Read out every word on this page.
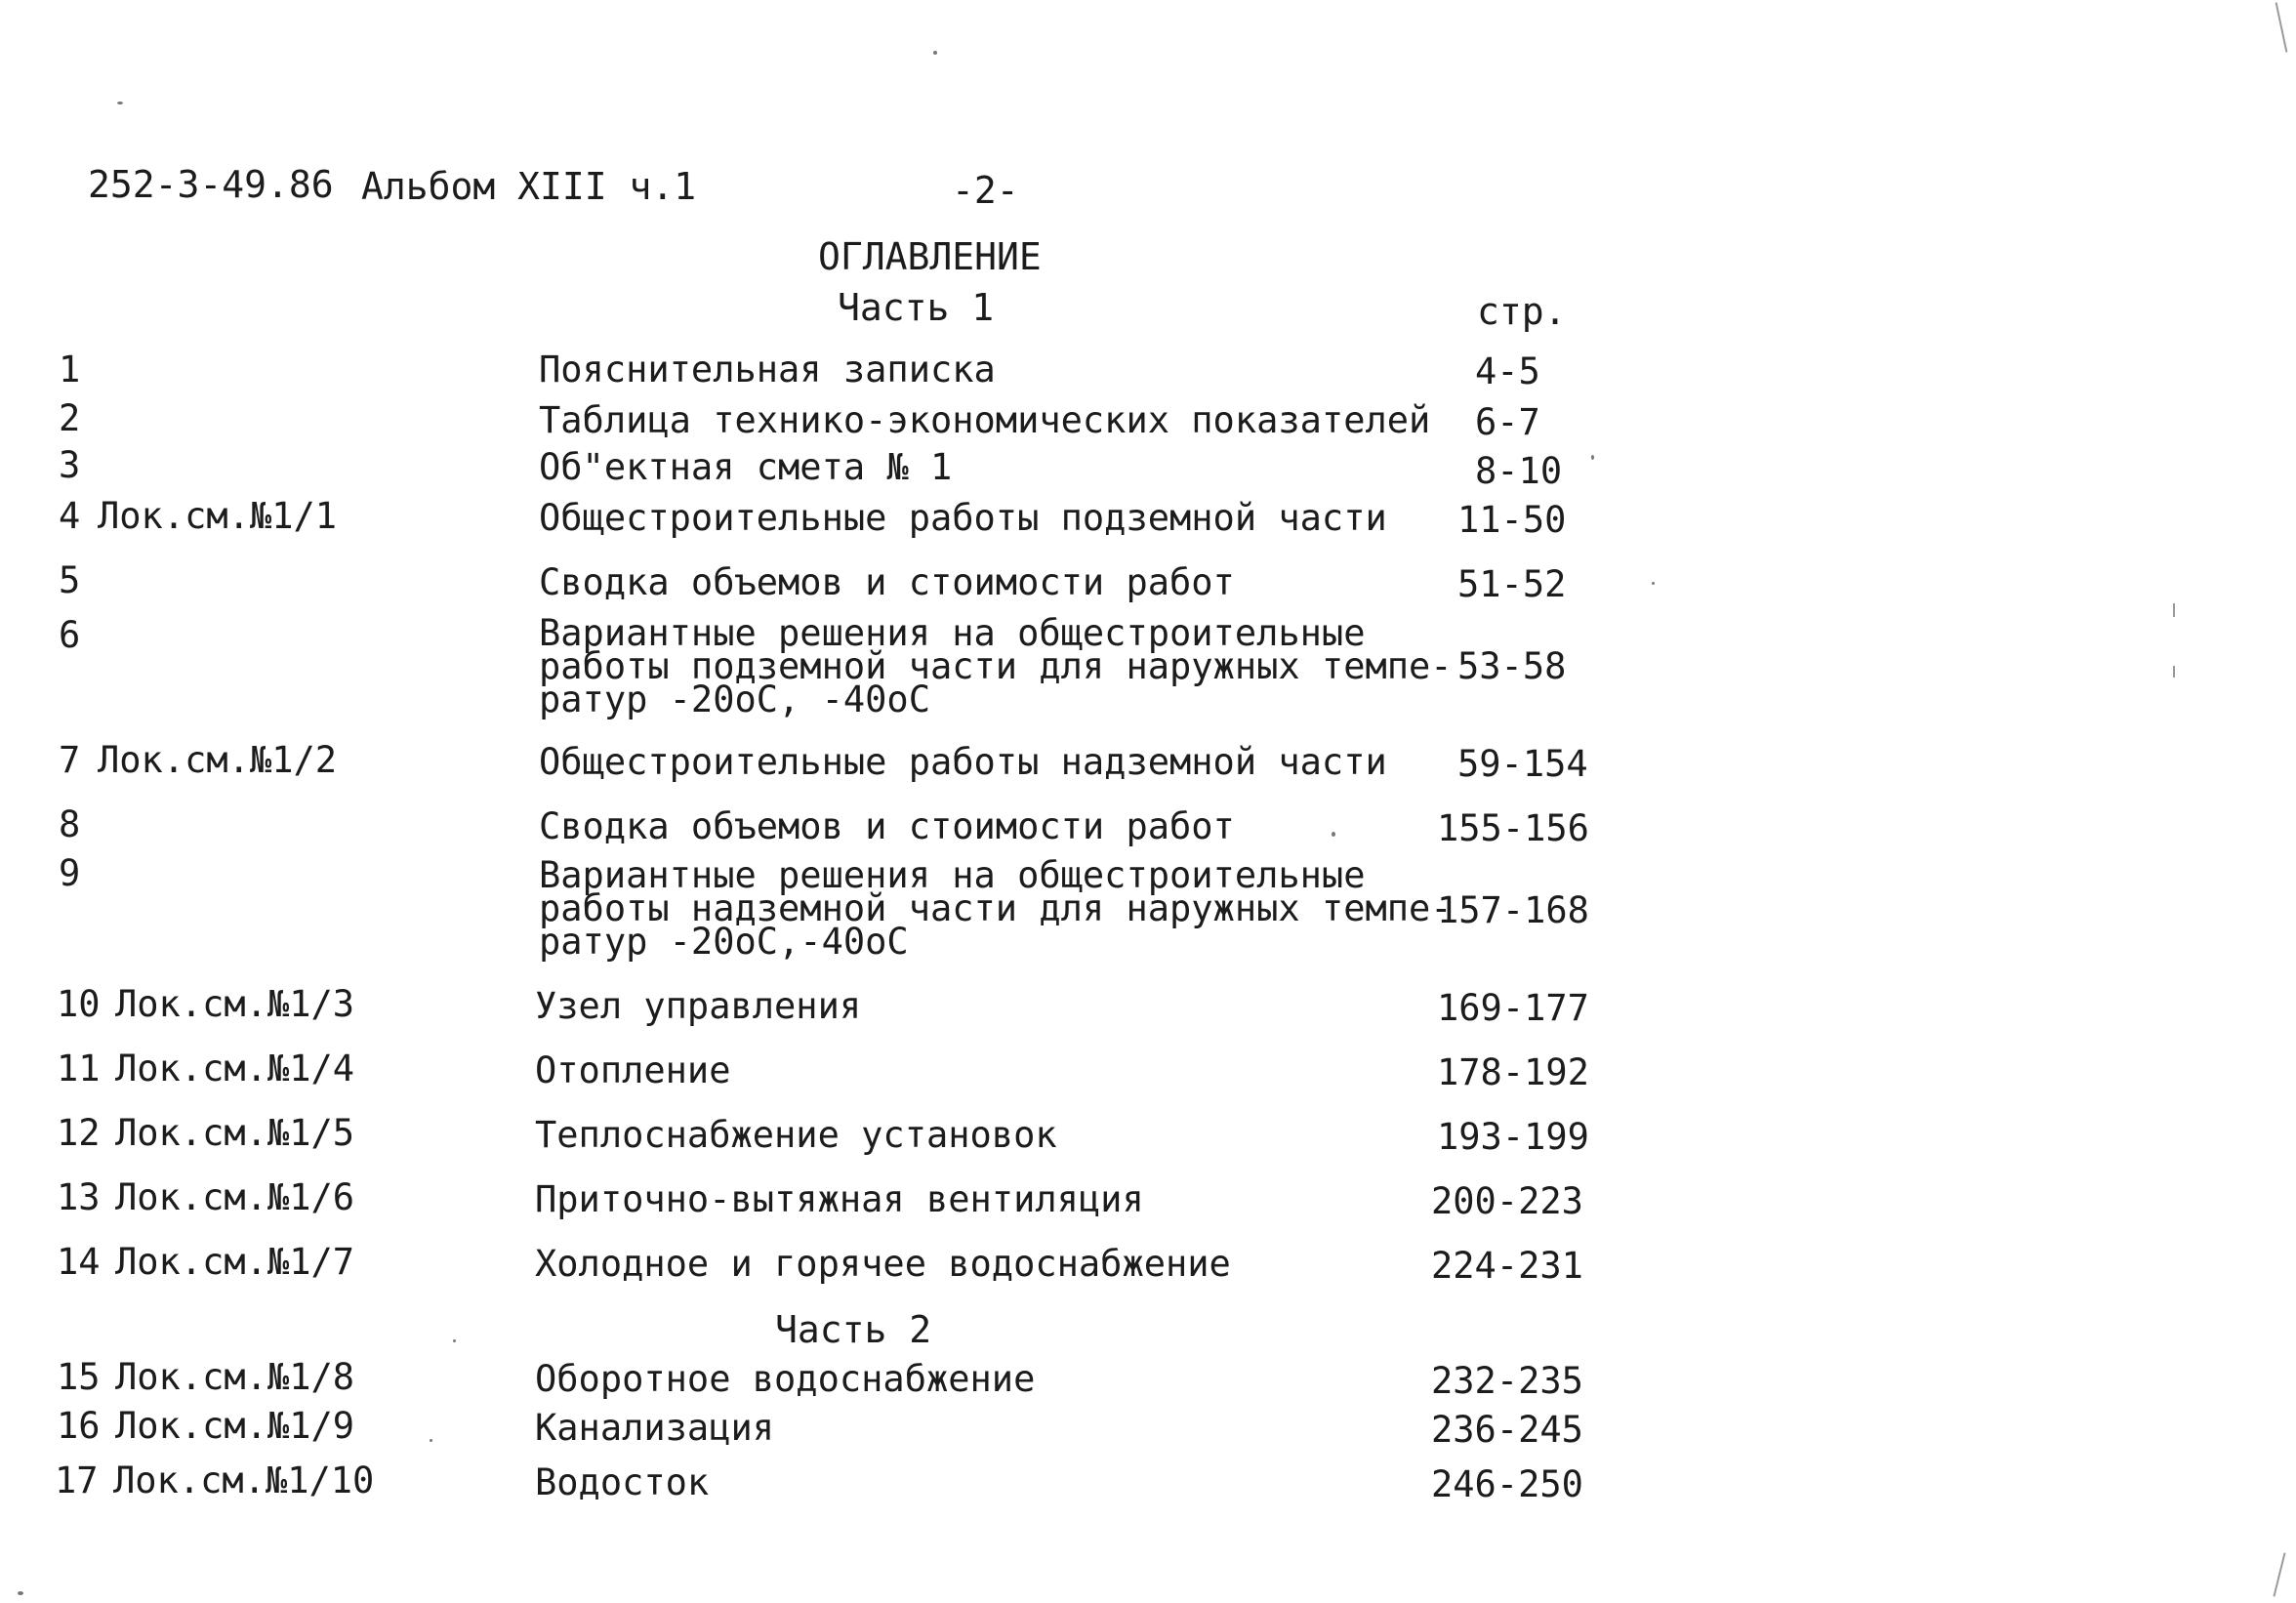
252-3-49.86 Альбом XIII ч.1	-2-
ОГЛАВЛЕНИЕ
Часть 1	стр.
1	Пояснительная записка	4-5
2	Таблица технико-экономических показателей 6-7
3	Об"ектная смета № 1	8-10
4 Лок.см.№1/1	Общестроительные работы подземной части 11-50
5	Сводка объемов и стоимости работ	51-52
6	Вариантные решения на общестроительные
работы подземной части для наружных темпе-
ратур -20оС, -40оС
53-58
7 Лок.см.№1/2	Общестроительные работы надземной части 59-154
8	Сводка объемов и стоимости работ	155-156
9	Вариантные решения на общестроительные
работы надземной части для наружных темпе-
ратур -20оС,-40оС
157-168
10 Лок.см.№1/3	Узел управления	169-177
11 Лок.см.№1/4	Отопление	178-192
12 Лок.см.№1/5	Теплоснабжение установок	193-199
13 Лок.см.№1/6	Приточно-вытяжная вентиляция	200-223
14 Лок.см.№1/7	Холодное и горячее водоснабжение	224-231
Часть 2
15 Лок.см.№1/8	Оборотное водоснабжение	232-235
16 Лок.см.№1/9	Канализация	236-245
17 Лок.см.№1/10	Водосток	246-250
